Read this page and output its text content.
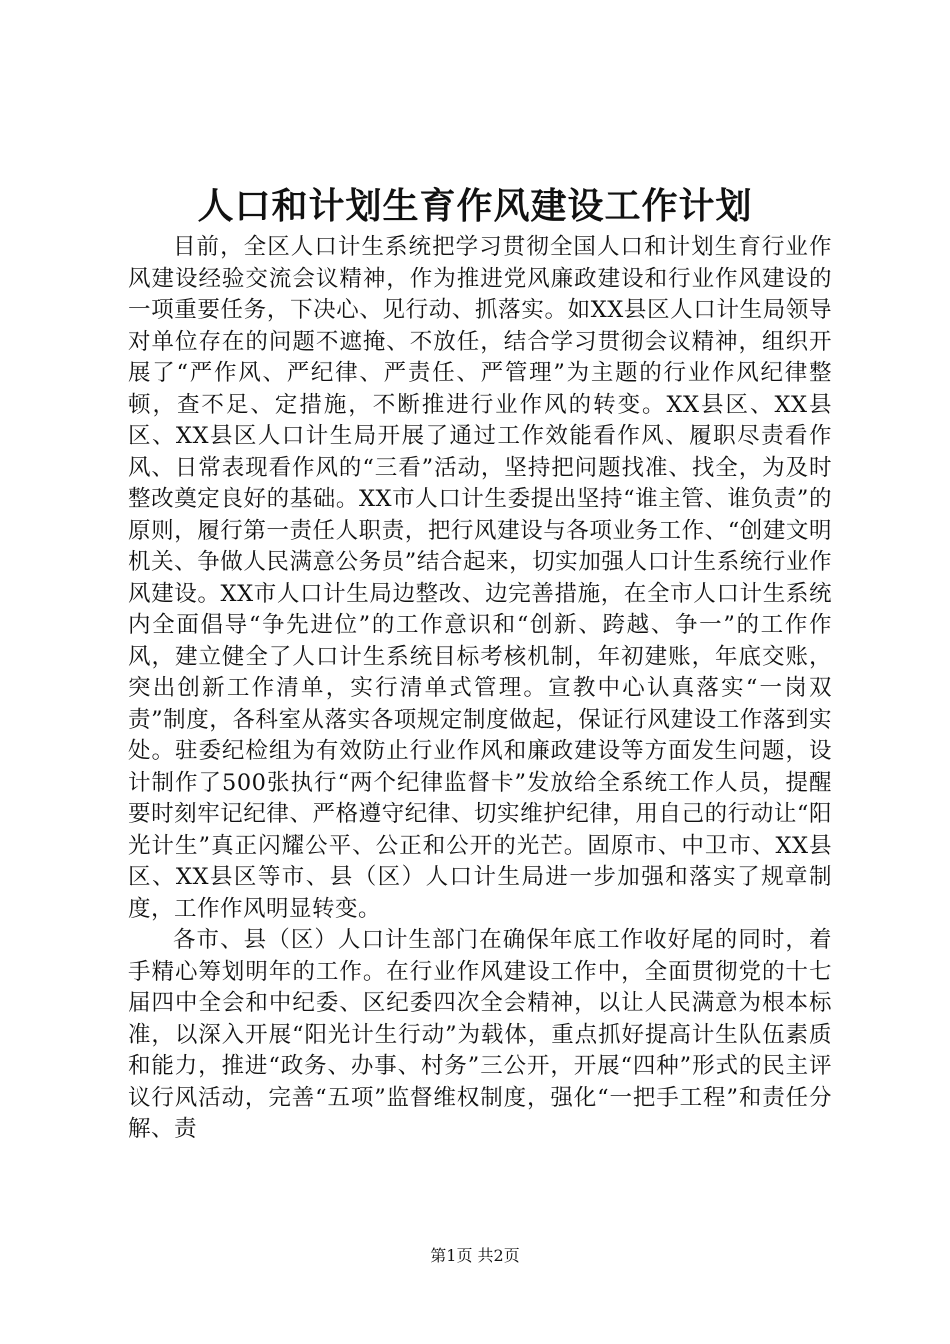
人口和计划生育作风建设工作计划

目前，全区人口计生系统把学习贯彻全国人口和计划生育行业作风建设经验交流会议精神，作为推进党风廉政建设和行业作风建设的一项重要任务，下决心、见行动、抓落实。如XX县区人口计生局领导对单位存在的问题不遮掩、不放任，结合学习贯彻会议精神，组织开展了“严作风、严纪律、严责任、严管理”为主题的行业作风纪律整顿，查不足、定措施，不断推进行业作风的转变。XX县区、XX县区、XX县区人口计生局开展了通过工作效能看作风、履职尽责看作风、日常表现看作风的“三看”活动，坚持把问题找准、找全，为及时整改奠定良好的基础。XX市人口计生委提出坚持“谁主管、谁负责”的原则，履行第一责任人职责，把行风建设与各项业务工作、“创建文明机关、争做人民满意公务员”结合起来，切实加强人口计生系统行业作风建设。XX市人口计生局边整改、边完善措施，在全市人口计生系统内全面倡导“争先进位”的工作意识和“创新、跨越、争一”的工作作风，建立健全了人口计生系统目标考核机制，年初建账，年底交账，突出创新工作清单，实行清单式管理。宣教中心认真落实“一岗双责”制度，各科室从落实各项规定制度做起，保证行风建设工作落到实处。驻委纪检组为有效防止行业作风和廉政建设等方面发生问题，设计制作了500张执行“两个纪律监督卡”发放给全系统工作人员，提醒要时刻牢记纪律、严格遵守纪律、切实维护纪律，用自己的行动让“阳光计生”真正闪耀公平、公正和公开的光芒。固原市、中卫市、XX县区、XX县区等市、县（区）人口计生局进一步加强和落实了规章制度，工作作风明显转变。

各市、县（区）人口计生部门在确保年底工作收好尾的同时，着手精心筹划明年的工作。在行业作风建设工作中，全面贯彻党的十七届四中全会和中纪委、区纪委四次全会精神，以让人民满意为根本标准，以深入开展“阳光计生行动”为载体，重点抓好提高计生队伍素质和能力，推进“政务、办事、村务”三公开，开展“四种”形式的民主评议行风活动，完善“五项”监督维权制度，强化“一把手工程”和责任分解、责

第1页 共2页
